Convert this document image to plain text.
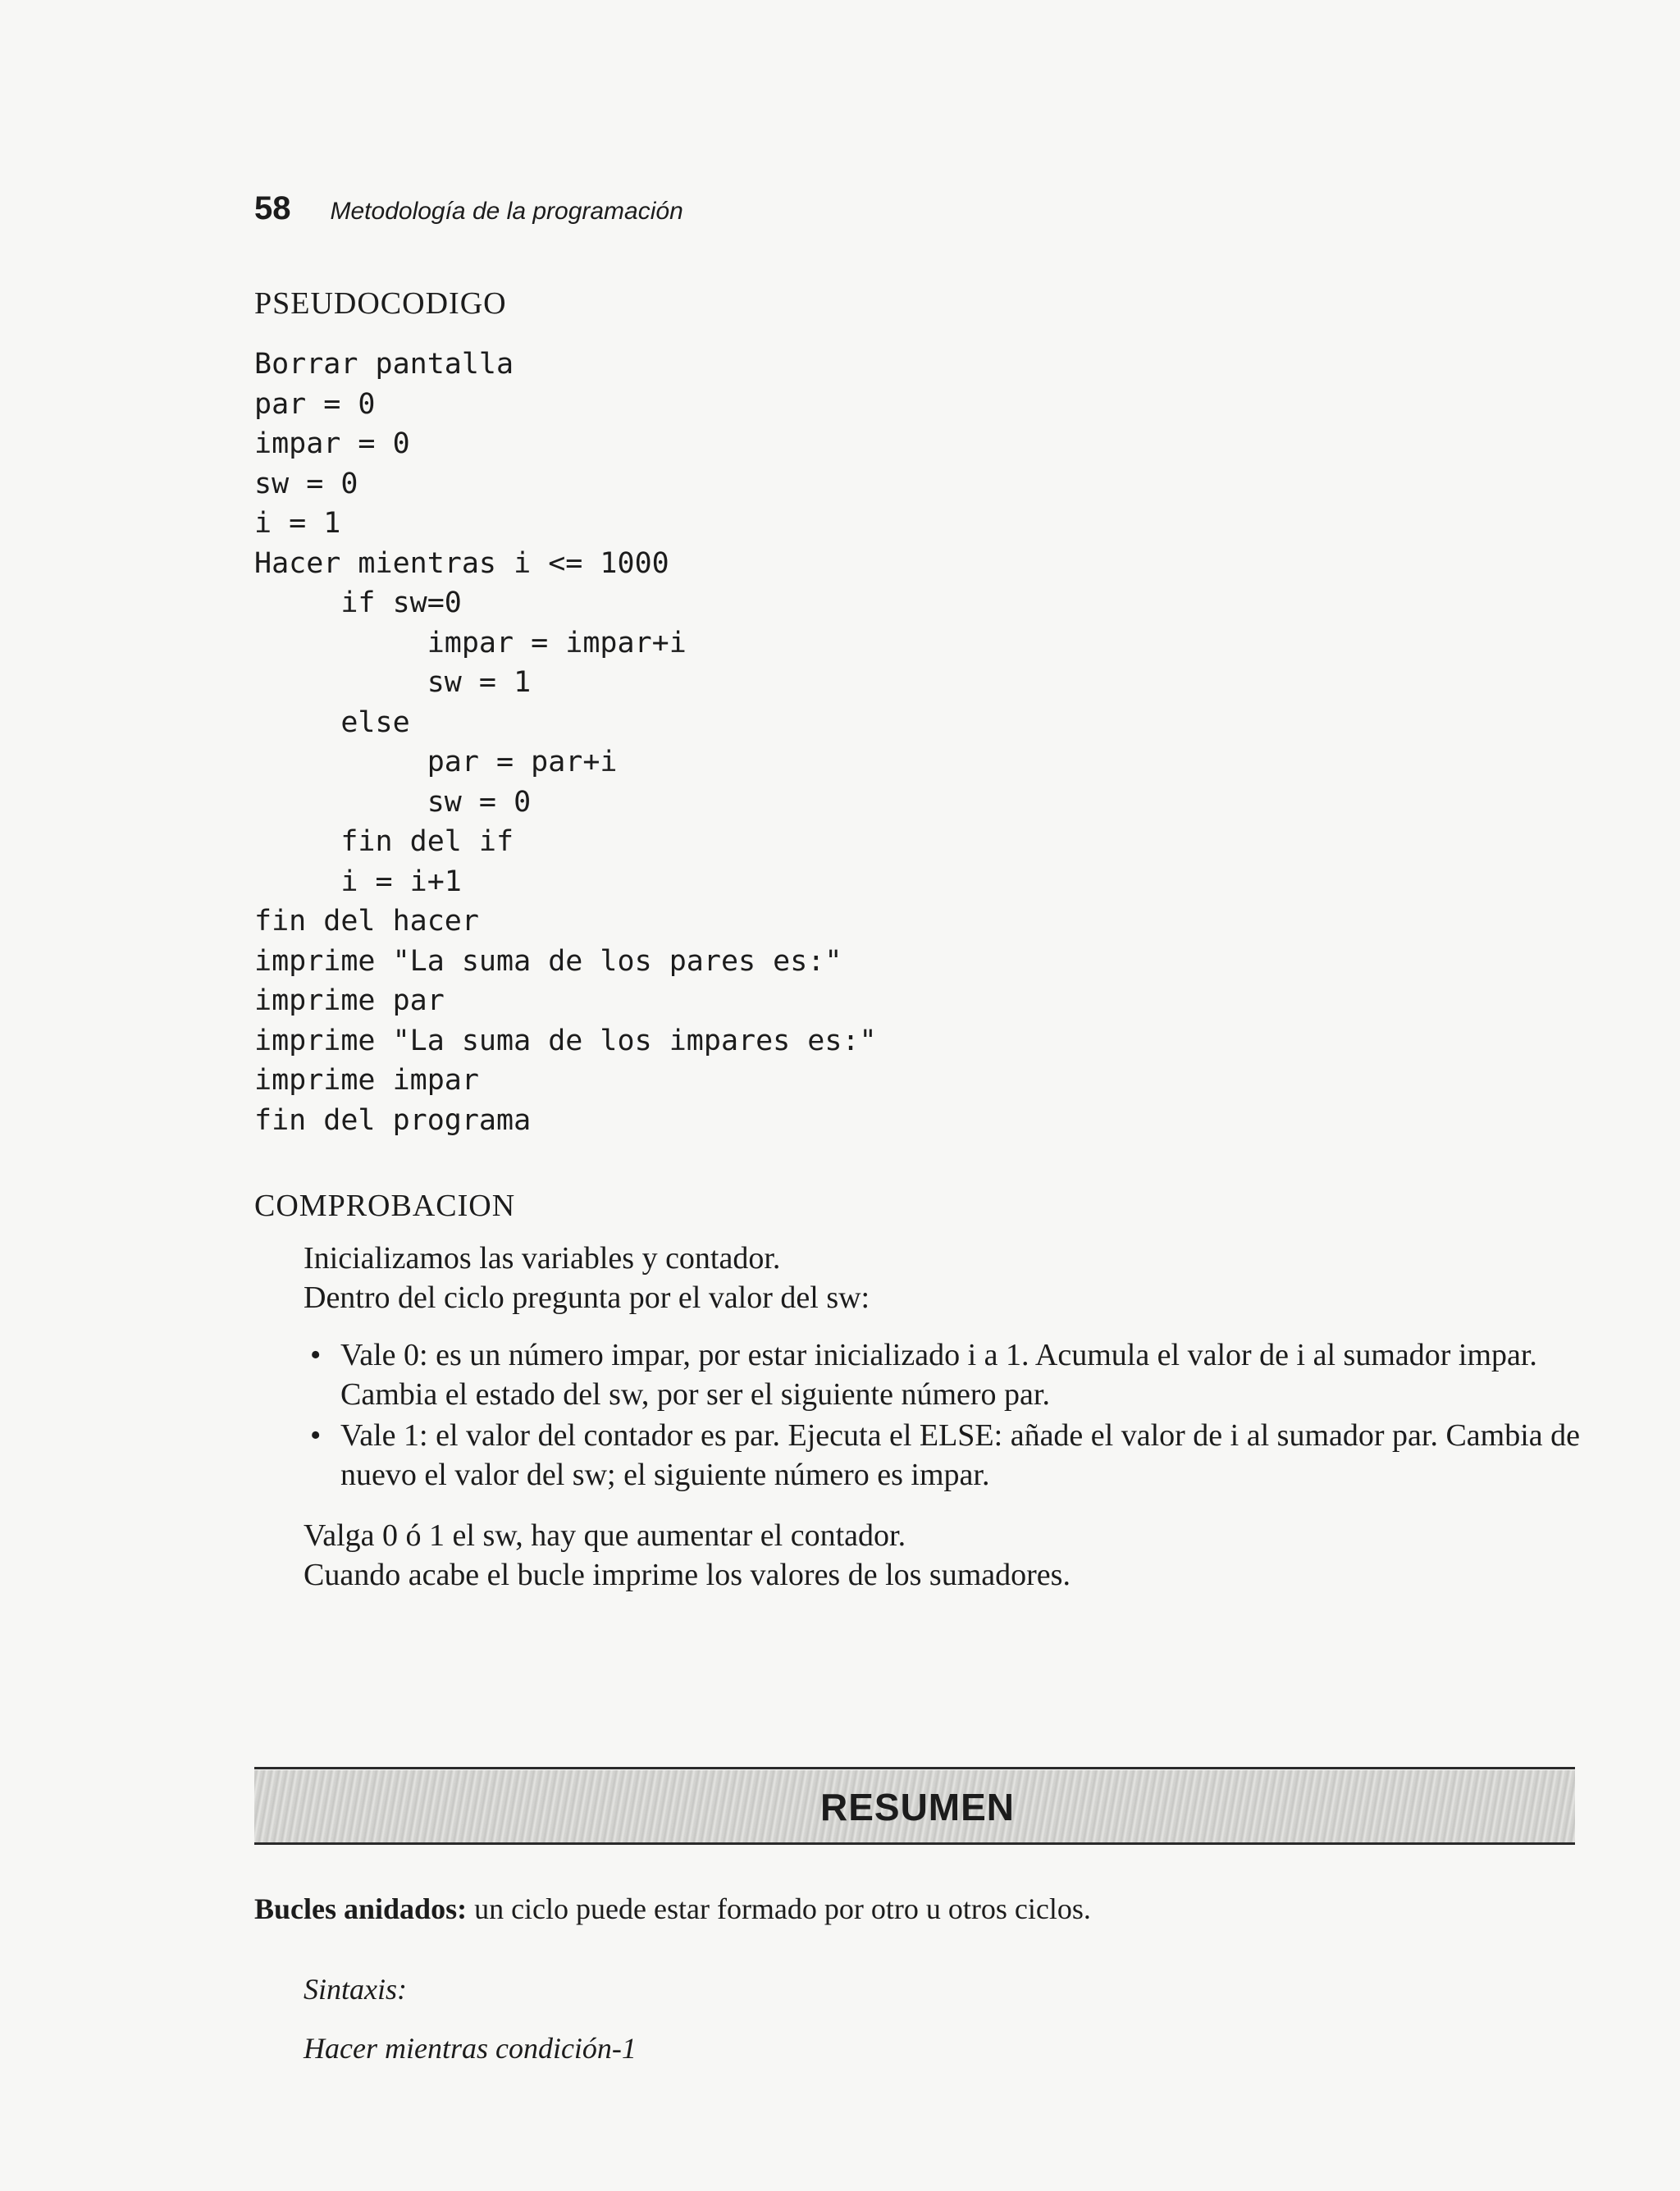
58 Metodología de la programación
PSEUDOCODIGO
Borrar pantalla
par = 0
impar = 0
sw = 0
i = 1
Hacer mientras i <= 1000
if sw=0
impar = impar+i
sw = 1
else
par = par+i
sw = 0
fin del if
i = i+1
fin del hacer
imprime "La suma de los pares es:"
imprime par
imprime "La suma de los impares es:"
imprime impar
fin del programa
COMPROBACION
Inicializamos las variables y contador.
Dentro del ciclo pregunta por el valor del sw:
• Vale 0: es un número impar, por estar inicializado i a 1. Acumula el valor de i al sumador impar. Cambia el estado del sw, por ser el siguiente número par.
• Vale 1: el valor del contador es par. Ejecuta el ELSE: añade el valor de i al sumador par. Cambia de nuevo el valor del sw; el siguiente número es impar.
Valga 0 ó 1 el sw, hay que aumentar el contador.
Cuando acabe el bucle imprime los valores de los sumadores.
RESUMEN
Bucles anidados: un ciclo puede estar formado por otro u otros ciclos.
Sintaxis:
Hacer mientras condición-1
